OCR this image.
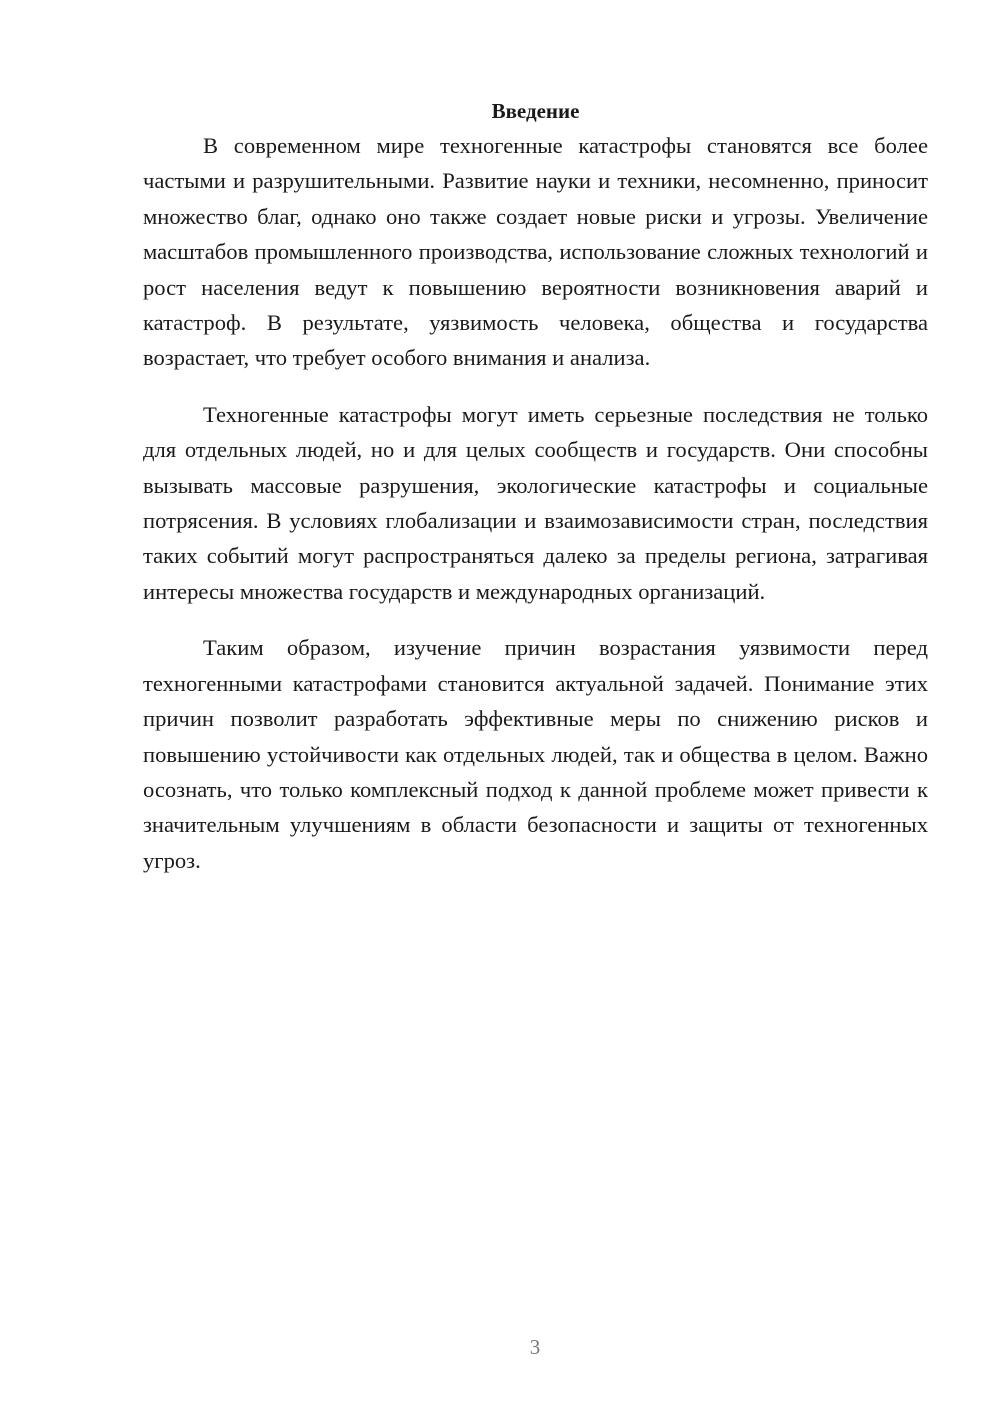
Введение

В современном мире техногенные катастрофы становятся все более частыми и разрушительными. Развитие науки и техники, несомненно, приносит множество благ, однако оно также создает новые риски и угрозы. Увеличение масштабов промышленного производства, использование сложных технологий и рост населения ведут к повышению вероятности возникновения аварий и катастроф. В результате, уязвимость человека, общества и государства возрастает, что требует особого внимания и анализа.

Техногенные катастрофы могут иметь серьезные последствия не только для отдельных людей, но и для целых сообществ и государств. Они способны вызывать массовые разрушения, экологические катастрофы и социальные потрясения. В условиях глобализации и взаимозависимости стран, последствия таких событий могут распространяться далеко за пределы региона, затрагивая интересы множества государств и международных организаций.

Таким образом, изучение причин возрастания уязвимости перед техногенными катастрофами становится актуальной задачей. Понимание этих причин позволит разработать эффективные меры по снижению рисков и повышению устойчивости как отдельных людей, так и общества в целом. Важно осознать, что только комплексный подход к данной проблеме может привести к значительным улучшениям в области безопасности и защиты от техногенных угроз.

3
